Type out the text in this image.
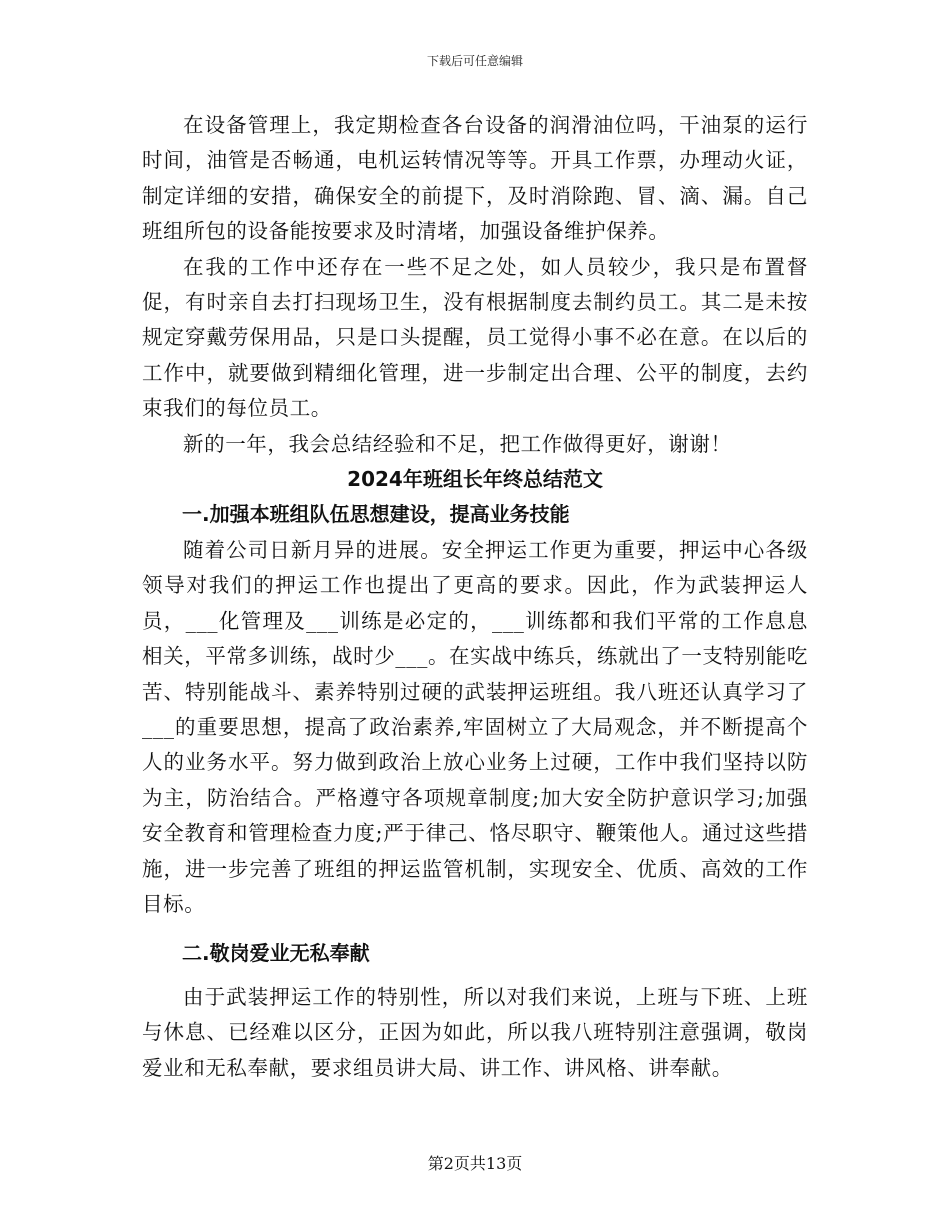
下载后可任意编辑

在设备管理上，我定期检查各台设备的润滑油位吗，干油泵的运行时间，油管是否畅通，电机运转情况等等。开具工作票，办理动火证，制定详细的安措，确保安全的前提下，及时消除跑、冒、滴、漏。自己班组所包的设备能按要求及时清堵，加强设备维护保养。

在我的工作中还存在一些不足之处，如人员较少，我只是布置督促，有时亲自去打扫现场卫生，没有根据制度去制约员工。其二是未按规定穿戴劳保用品，只是口头提醒，员工觉得小事不必在意。在以后的工作中，就要做到精细化管理，进一步制定出合理、公平的制度，去约束我们的每位员工。

新的一年，我会总结经验和不足，把工作做得更好，谢谢！

2024年班组长年终总结范文

一.加强本班组队伍思想建设，提高业务技能

随着公司日新月异的进展。安全押运工作更为重要，押运中心各级领导对我们的押运工作也提出了更高的要求。因此，作为武装押运人员，___化管理及___训练是必定的，___训练都和我们平常的工作息息相关，平常多训练，战时少___。在实战中练兵，练就出了一支特别能吃苦、特别能战斗、素养特别过硬的武装押运班组。我八班还认真学习了___的重要思想，提高了政治素养,牢固树立了大局观念，并不断提高个人的业务水平。努力做到政治上放心业务上过硬，工作中我们坚持以防为主，防治结合。严格遵守各项规章制度;加大安全防护意识学习;加强安全教育和管理检查力度;严于律己、恪尽职守、鞭策他人。通过这些措施，进一步完善了班组的押运监管机制，实现安全、优质、高效的工作目标。

二.敬岗爱业无私奉献

由于武装押运工作的特别性，所以对我们来说，上班与下班、上班与休息、已经难以区分，正因为如此，所以我八班特别注意强调，敬岗爱业和无私奉献，要求组员讲大局、讲工作、讲风格、讲奉献。

第2页共13页
